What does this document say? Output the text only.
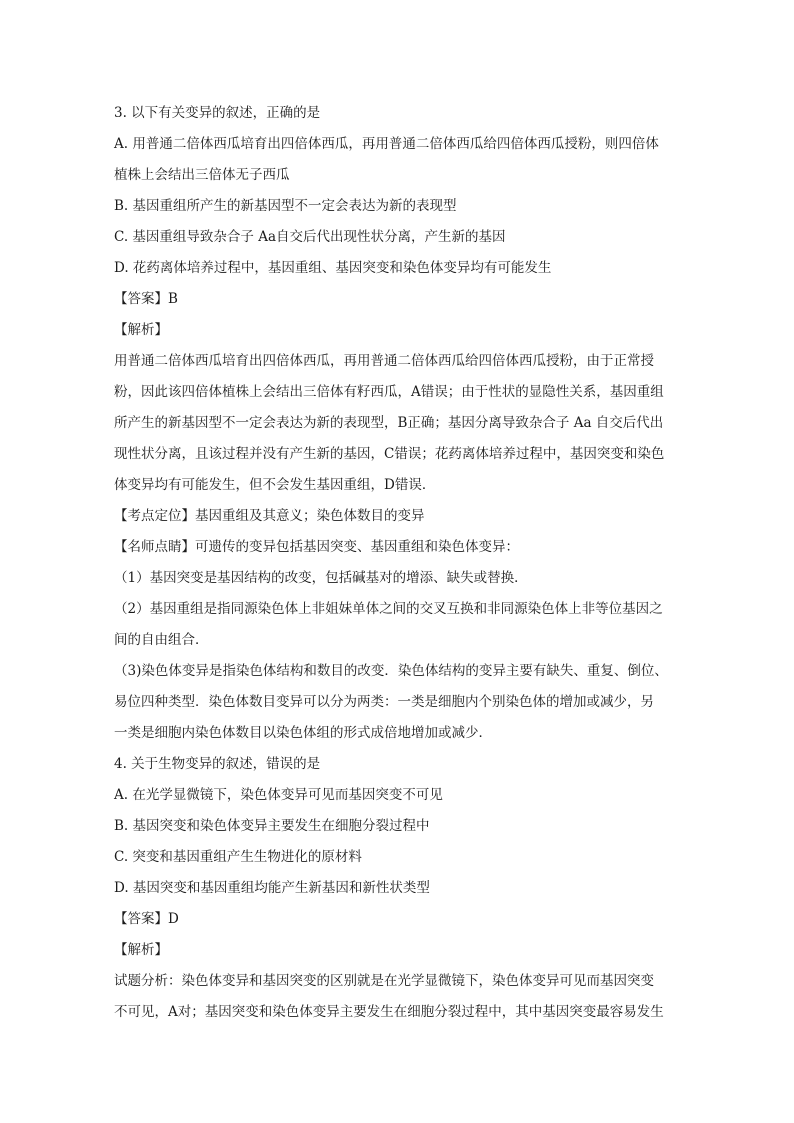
3. 以下有关变异的叙述，正确的是
A. 用普通二倍体西瓜培育出四倍体西瓜，再用普通二倍体西瓜给四倍体西瓜授粉，则四倍体
植株上会结出三倍体无子西瓜
B. 基因重组所产生的新基因型不一定会表达为新的表现型
C. 基因重组导致杂合子 Aa自交后代出现性状分离，产生新的基因
D. 花药离体培养过程中，基因重组、基因突变和染色体变异均有可能发生
【答案】B
【解析】
用普通二倍体西瓜培育出四倍体西瓜，再用普通二倍体西瓜给四倍体西瓜授粉，由于正常授
粉，因此该四倍体植株上会结出三倍体有籽西瓜，A错误；由于性状的显隐性关系，基因重组
所产生的新基因型不一定会表达为新的表现型，B正确；基因分离导致杂合子 Aa 自交后代出
现性状分离，且该过程并没有产生新的基因，C错误；花药离体培养过程中，基因突变和染色
体变异均有可能发生，但不会发生基因重组，D错误．
【考点定位】基因重组及其意义；染色体数目的变异
【名师点睛】可遗传的变异包括基因突变、基因重组和染色体变异：
（1）基因突变是基因结构的改变，包括碱基对的增添、缺失或替换．
（2）基因重组是指同源染色体上非姐妹单体之间的交叉互换和非同源染色体上非等位基因之
间的自由组合．
（3)染色体变异是指染色体结构和数目的改变．染色体结构的变异主要有缺失、重复、倒位、
易位四种类型．染色体数目变异可以分为两类：一类是细胞内个别染色体的增加或减少，另
一类是细胞内染色体数目以染色体组的形式成倍地增加或减少．
4. 关于生物变异的叙述，错误的是
A. 在光学显微镜下，染色体变异可见而基因突变不可见
B. 基因突变和染色体变异主要发生在细胞分裂过程中
C. 突变和基因重组产生生物进化的原材料
D. 基因突变和基因重组均能产生新基因和新性状类型
【答案】D
【解析】
试题分析：染色体变异和基因突变的区别就是在光学显微镜下，染色体变异可见而基因突变
不可见，A对；基因突变和染色体变异主要发生在细胞分裂过程中，其中基因突变最容易发生
